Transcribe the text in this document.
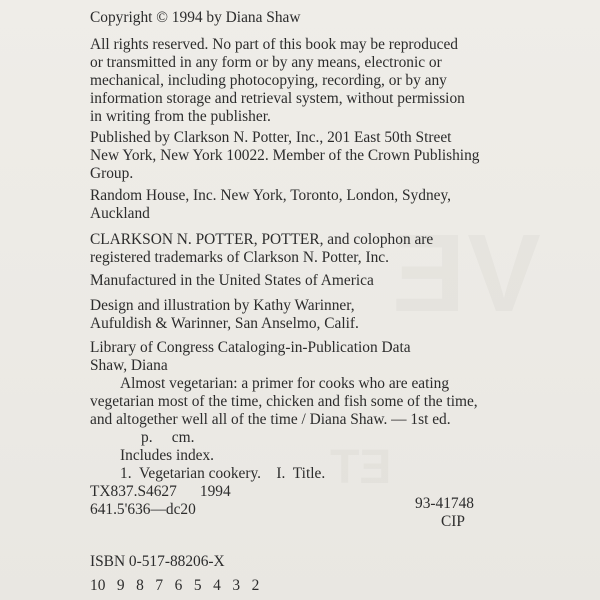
VE
ET
Copyright © 1994 by Diana Shaw
All rights reserved. No part of this book may be reproduced
or transmitted in any form or by any means, electronic or
mechanical, including photocopying, recording, or by any
information storage and retrieval system, without permission
in writing from the publisher.
Published by Clarkson N. Potter, Inc., 201 East 50th Street
New York, New York 10022. Member of the Crown Publishing
Group.
Random House, Inc. New York, Toronto, London, Sydney,
Auckland
CLARKSON N. POTTER, POTTER, and colophon are
registered trademarks of Clarkson N. Potter, Inc.
Manufactured in the United States of America
Design and illustration by Kathy Warinner,
Aufuldish & Warinner, San Anselmo, Calif.
Library of Congress Cataloging-in-Publication Data
Shaw, Diana
Almost vegetarian: a primer for cooks who are eating
vegetarian most of the time, chicken and fish some of the time,
and altogether well all of the time / Diana Shaw. — 1st ed.
p.     cm.
Includes index.
1.  Vegetarian cookery.    I.  Title.
TX837.S4627      1994
641.5'636—dc20	93-41748
CIP
ISBN 0-517-88206-X
10   9   8   7   6   5   4   3   2
